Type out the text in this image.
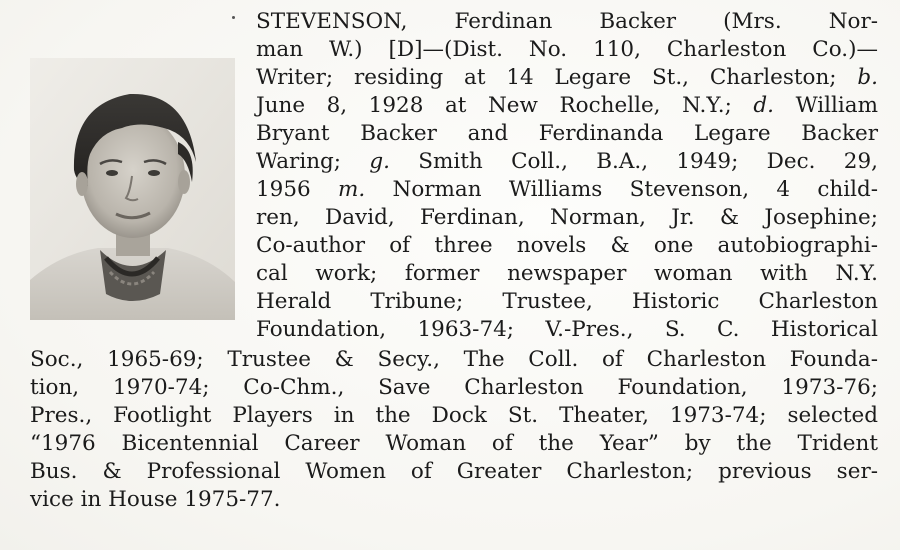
STEVENSON, Ferdinan Backer (Mrs. Nor-
man W.) [D]—(Dist. No. 110, Charleston Co.)—
Writer; residing at 14 Legare St., Charleston; b.
June 8, 1928 at New Rochelle, N.Y.; d. William
Bryant Backer and Ferdinanda Legare Backer
Waring; g. Smith Coll., B.A., 1949; Dec. 29,
1956 m. Norman Williams Stevenson, 4 child-
ren, David, Ferdinan, Norman, Jr. & Josephine;
Co-author of three novels & one autobiographi-
cal work; former newspaper woman with N.Y.
Herald Tribune; Trustee, Historic Charleston
Foundation, 1963-74; V.-Pres., S. C. Historical
Soc., 1965-69; Trustee & Secy., The Coll. of Charleston Founda-
tion, 1970-74; Co-Chm., Save Charleston Foundation, 1973-76;
Pres., Footlight Players in the Dock St. Theater, 1973-74; selected
“1976 Bicentennial Career Woman of the Year” by the Trident
Bus. & Professional Women of Greater Charleston; previous ser-
vice in House 1975-77.
